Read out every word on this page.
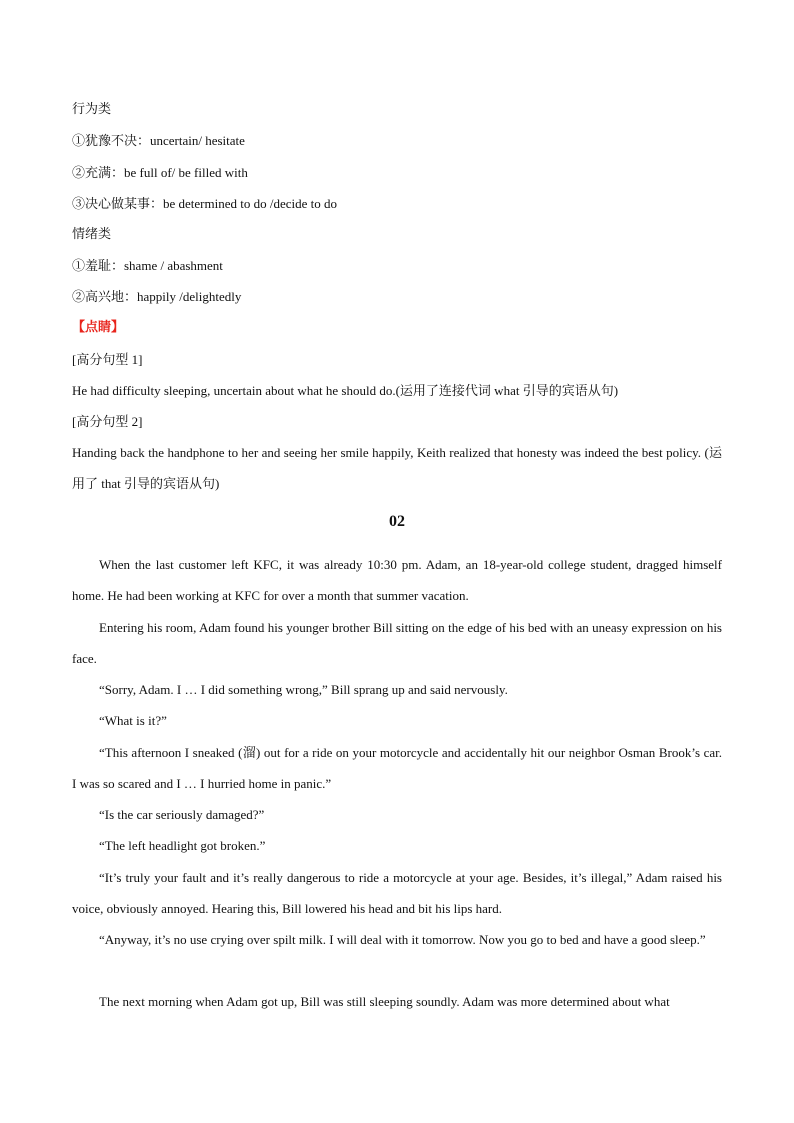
行为类
①犹豫不决：uncertain/ hesitate
②充满：be full of/ be filled with
③决心做某事：be determined to do /decide to do
情绪类
①羞耻：shame / abashment
②高兴地：happily /delightedly
【点睛】
[高分句型 1]
He had difficulty sleeping, uncertain about what he should do.(运用了连接代词 what 引导的宾语从句)
[高分句型 2]
Handing back the handphone to her and seeing her smile happily, Keith realized that honesty was indeed the best policy. (运用了 that 引导的宾语从句)
02
When the last customer left KFC, it was already 10:30 pm. Adam, an 18-year-old college student, dragged himself home. He had been working at KFC for over a month that summer vacation.
Entering his room, Adam found his younger brother Bill sitting on the edge of his bed with an uneasy expression on his face.
“Sorry, Adam. I … I did something wrong,” Bill sprang up and said nervously.
“What is it?”
“This afternoon I sneaked (溜) out for a ride on your motorcycle and accidentally hit our neighbor Osman Brook’s car. I was so scared and I … I hurried home in panic.”
“Is the car seriously damaged?”
“The left headlight got broken.”
“It’s truly your fault and it’s really dangerous to ride a motorcycle at your age. Besides, it’s illegal,” Adam raised his voice, obviously annoyed. Hearing this, Bill lowered his head and bit his lips hard.
“Anyway, it’s no use crying over spilt milk. I will deal with it tomorrow. Now you go to bed and have a good sleep.”
The next morning when Adam got up, Bill was still sleeping soundly. Adam was more determined about what
